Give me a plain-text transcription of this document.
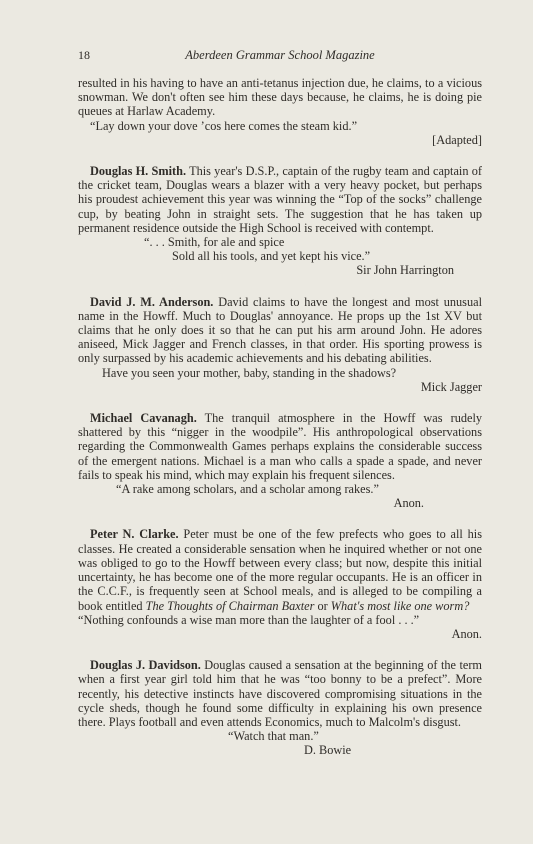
18	Aberdeen Grammar School Magazine

resulted in his having to have an anti-tetanus injection due, he claims, to a vicious snowman. We don't often see him these days because, he claims, he is doing pie queues at Harlaw Academy.

“Lay down your dove ’cos here comes the steam kid.”

[Adapted]

Douglas H. Smith. This year's D.S.P., captain of the rugby team and captain of the cricket team, Douglas wears a blazer with a very heavy pocket, but perhaps his proudest achievement this year was winning the “Top of the socks” challenge cup, by beating John in straight sets. The suggestion that he has taken up permanent residence outside the High School is received with contempt.

“. . . Smith, for ale and spice

Sold all his tools, and yet kept his vice.”

Sir John Harrington

David J. M. Anderson. David claims to have the longest and most unusual name in the Howff. Much to Douglas' annoyance. He props up the 1st XV but claims that he only does it so that he can put his arm around John. He adores aniseed, Mick Jagger and French classes, in that order. His sporting prowess is only surpassed by his academic achievements and his debating abilities.

Have you seen your mother, baby, standing in the shadows?

Mick Jagger

Michael Cavanagh. The tranquil atmosphere in the Howff was rudely shattered by this “nigger in the woodpile”. His anthropological observations regarding the Commonwealth Games perhaps explains the considerable success of the emergent nations. Michael is a man who calls a spade a spade, and never fails to speak his mind, which may explain his frequent silences.

“A rake among scholars, and a scholar among rakes.”

Anon.

Peter N. Clarke. Peter must be one of the few prefects who goes to all his classes. He created a considerable sensation when he inquired whether or not one was obliged to go to the Howff between every class; but now, despite this initial uncertainty, he has become one of the more regular occupants. He is an officer in the C.C.F., is frequently seen at School meals, and is alleged to be compiling a book entitled The Thoughts of Chairman Baxter or What's most like one worm?

“Nothing confounds a wise man more than the laughter of a fool . . .”

Anon.

Douglas J. Davidson. Douglas caused a sensation at the beginning of the term when a first year girl told him that he was “too bonny to be a prefect”. More recently, his detective instincts have discovered compromising situations in the cycle sheds, though he found some difficulty in explaining his own presence there. Plays football and even attends Economics, much to Malcolm's disgust.

“Watch that man.”

D. Bowie
